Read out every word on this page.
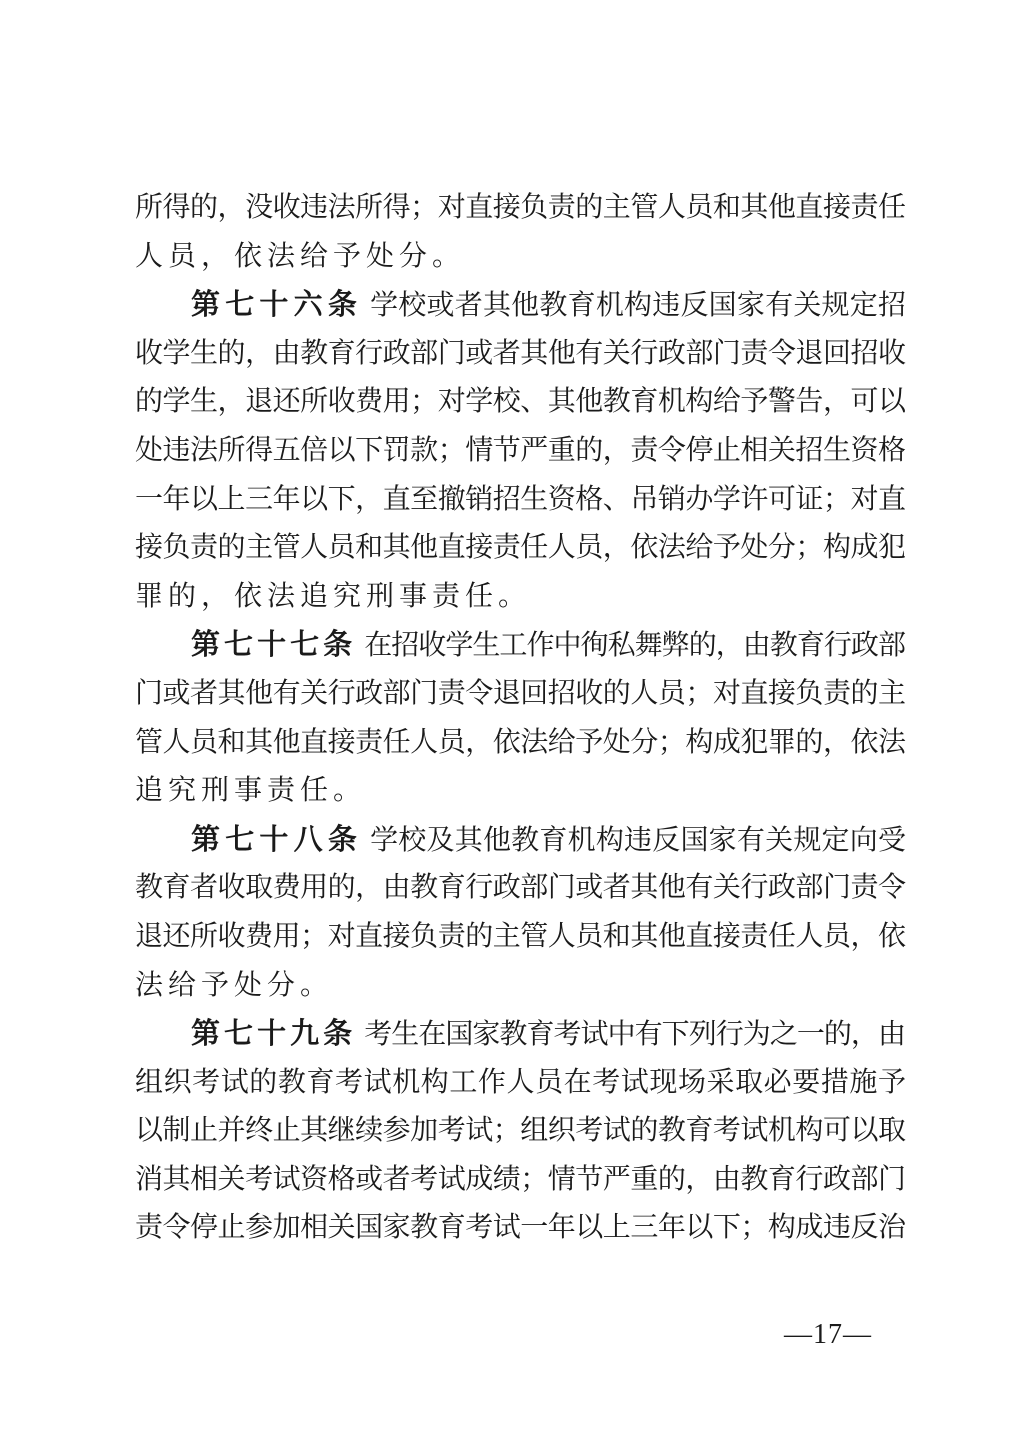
所得的，没收违法所得；对直接负责的主管人员和其他直接责任
人员，依法给予处分。
第七十六条 学校或者其他教育机构违反国家有关规定招
收学生的，由教育行政部门或者其他有关行政部门责令退回招收
的学生，退还所收费用；对学校、其他教育机构给予警告，可以
处违法所得五倍以下罚款；情节严重的，责令停止相关招生资格
一年以上三年以下，直至撤销招生资格、吊销办学许可证；对直
接负责的主管人员和其他直接责任人员，依法给予处分；构成犯
罪的，依法追究刑事责任。
第七十七条 在招收学生工作中徇私舞弊的，由教育行政部
门或者其他有关行政部门责令退回招收的人员；对直接负责的主
管人员和其他直接责任人员，依法给予处分；构成犯罪的，依法
追究刑事责任。
第七十八条 学校及其他教育机构违反国家有关规定向受
教育者收取费用的，由教育行政部门或者其他有关行政部门责令
退还所收费用；对直接负责的主管人员和其他直接责任人员，依
法给予处分。
第七十九条 考生在国家教育考试中有下列行为之一的，由
组织考试的教育考试机构工作人员在考试现场采取必要措施予
以制止并终止其继续参加考试；组织考试的教育考试机构可以取
消其相关考试资格或者考试成绩；情节严重的，由教育行政部门
责令停止参加相关国家教育考试一年以上三年以下；构成违反治
—17—
